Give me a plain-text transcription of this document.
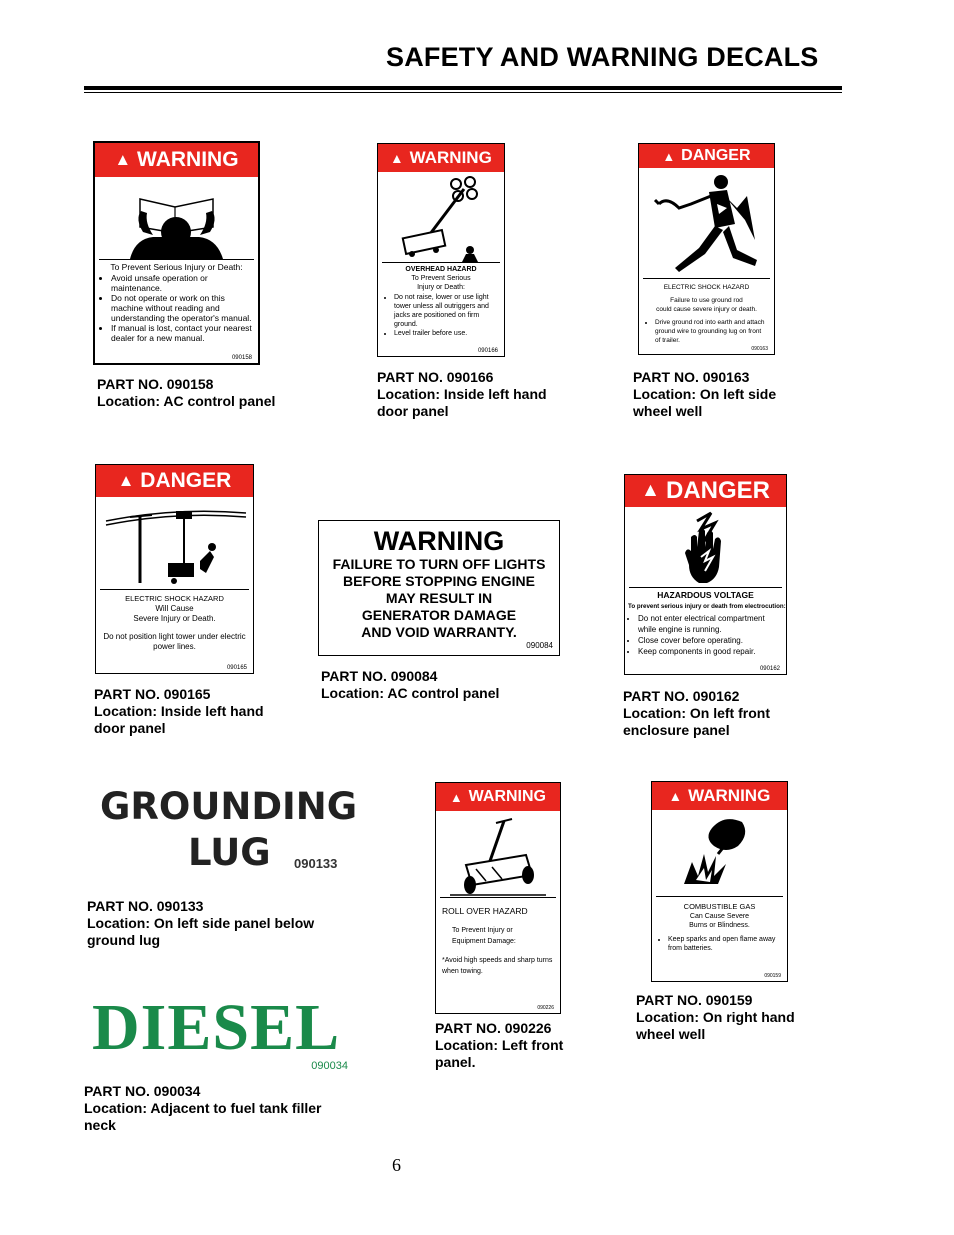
SAFETY AND WARNING DECALS
▲ WARNING
To Prevent Serious Injury or Death:
• Avoid unsafe operation or maintenance.
• Do not operate or work on this machine without reading and understanding the operator's manual.
• If manual is lost, contact your nearest dealer for a new manual.
090158
PART NO. 090158
Location: AC control panel
▲ WARNING
OVERHEAD HAZARD
To Prevent Serious
Injury or Death:
• Do not raise, lower or use light tower unless all outriggers and jacks are positioned on firm ground.
• Level trailer before use.
090166
PART NO. 090166
Location: Inside left hand door panel
▲ DANGER
ELECTRIC SHOCK HAZARD
Failure to use ground rod
could cause severe injury or death.
• Drive ground rod into earth and attach ground wire to grounding lug on front of trailer.
090163
PART NO. 090163
Location: On left side wheel well
▲ DANGER
ELECTRIC SHOCK HAZARD
Will Cause
Severe Injury or Death.
Do not position light tower under electric power lines.
090165
PART NO. 090165
Location: Inside left hand door panel
WARNING
FAILURE TO TURN OFF LIGHTS
BEFORE STOPPING ENGINE
MAY RESULT IN
GENERATOR DAMAGE
AND VOID WARRANTY.
090084
PART NO. 090084
Location: AC control panel
▲ DANGER
HAZARDOUS VOLTAGE
To prevent serious injury or death from electrocution:
• Do not enter electrical compartment while engine is running.
• Close cover before operating.
• Keep components in good repair.
090162
PART NO. 090162
Location: On left front enclosure panel
GROUNDING
LUG 090133
PART NO. 090133
Location: On left side panel below ground lug
▲ WARNING
ROLL OVER HAZARD
To Prevent Injury or
Equipment Damage:
*Avoid high speeds and sharp turns when towing.
090226
PART NO. 090226
Location: Left front panel.
▲ WARNING
COMBUSTIBLE GAS
Can Cause Severe
Burns or Blindness.
• Keep sparks and open flame away from batteries.
090159
PART NO. 090159
Location: On right hand wheel well
DIESEL
090034
PART NO. 090034
Location: Adjacent to fuel tank filler neck
6
